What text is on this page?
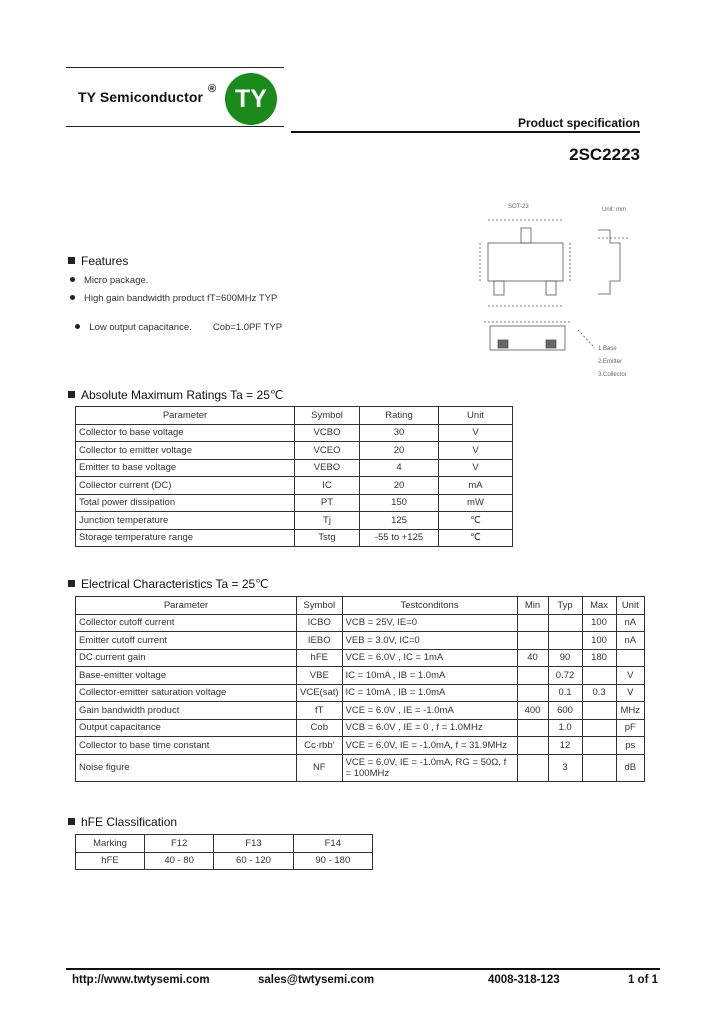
TY Semiconductor ® TY
Product specification
2SC2223
Features
Micro package.
High gain bandwidth product fT=600MHz TYP

Low output capacitance.        Cob=1.0PF TYP

SOT-23	Unit: mm
1.Base
2.Emitter
3.Collector
Absolute Maximum Ratings Ta = 25℃
Parameter	Symbol	Rating	Unit
Collector to base voltage	VCBO	30	V
Collector to emitter voltage	VCEO	20	V
Emitter to base voltage	VEBO	4	V
Collector current (DC)	IC	20	mA
Total power dissipation	PT	150	mW
Junction temperature	Tj	125	℃
Storage temperature range	Tstg	-55 to +125	℃
Electrical Characteristics Ta = 25℃
Parameter	Symbol	Testconditons	Min	Typ	Max	Unit
Collector cutoff current	ICBO	VCB = 25V, IE=0			100	nA
Emitter cutoff current	IEBO	VEB = 3.0V, IC=0			100	nA
DC current gain	hFE	VCE = 6.0V , IC = 1mA	40	90	180	
Base-emitter voltage	VBE	IC = 10mA , IB = 1.0mA		0.72		V
Collector-emitter saturation voltage	VCE(sat)	IC = 10mA , IB = 1.0mA		0.1	0.3	V
Gain bandwidth product	fT	VCE = 6.0V , IE = -1.0mA	400	600		MHz
Output capacitance	Cob	VCB = 6.0V , IE = 0 , f = 1.0MHz		1.0		pF
Collector to base time constant	Cc·rbb'	VCE = 6.0V, IE = -1.0mA, f = 31.9MHz		12		ps
Noise figure	NF	VCE = 6.0V, IE = -1.0mA, RG = 50Ω, f = 100MHz		3		dB
hFE Classification
Marking	F12	F13	F14
hFE	40 - 80	60 - 120	90 - 180
http://www.twtysemi.com	sales@twtysemi.com	4008-318-123	1 of 1
